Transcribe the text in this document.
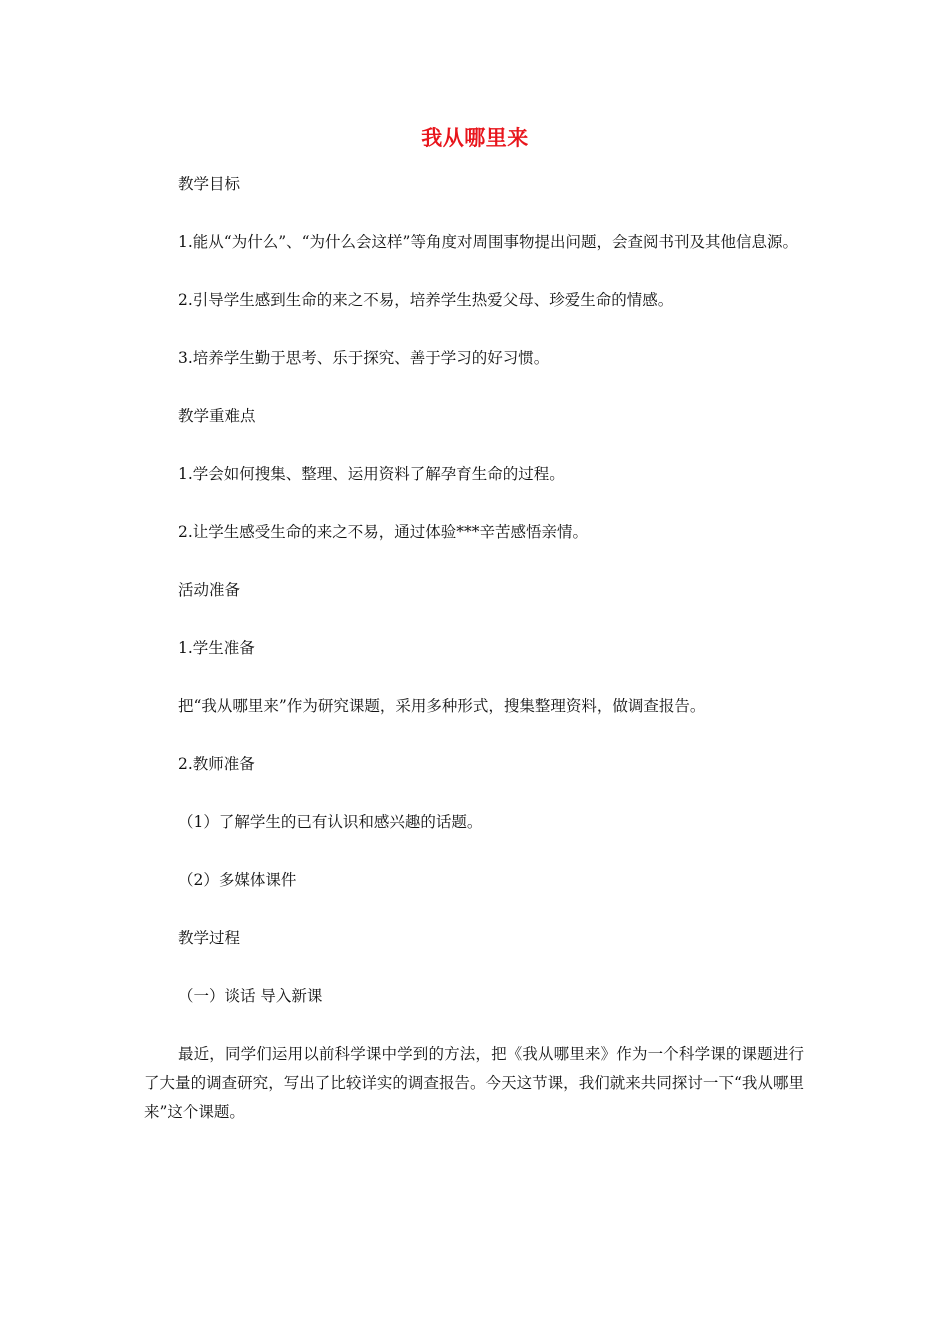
我从哪里来

教学目标

1.能从“为什么”、“为什么会这样”等角度对周围事物提出问题，会查阅书刊及其他信息源。

2.引导学生感到生命的来之不易，培养学生热爱父母、珍爱生命的情感。

3.培养学生勤于思考、乐于探究、善于学习的好习惯。

教学重难点

1.学会如何搜集、整理、运用资料了解孕育生命的过程。

2.让学生感受生命的来之不易，通过体验***辛苦感悟亲情。

活动准备

1.学生准备

把“我从哪里来”作为研究课题，采用多种形式，搜集整理资料，做调查报告。

2.教师准备

（1）了解学生的已有认识和感兴趣的话题。

（2）多媒体课件

教学过程

（一）谈话 导入新课

最近，同学们运用以前科学课中学到的方法，把《我从哪里来》作为一个科学课的课题进行了大量的调查研究，写出了比较详实的调查报告。今天这节课，我们就来共同探讨一下“我从哪里来”这个课题。
